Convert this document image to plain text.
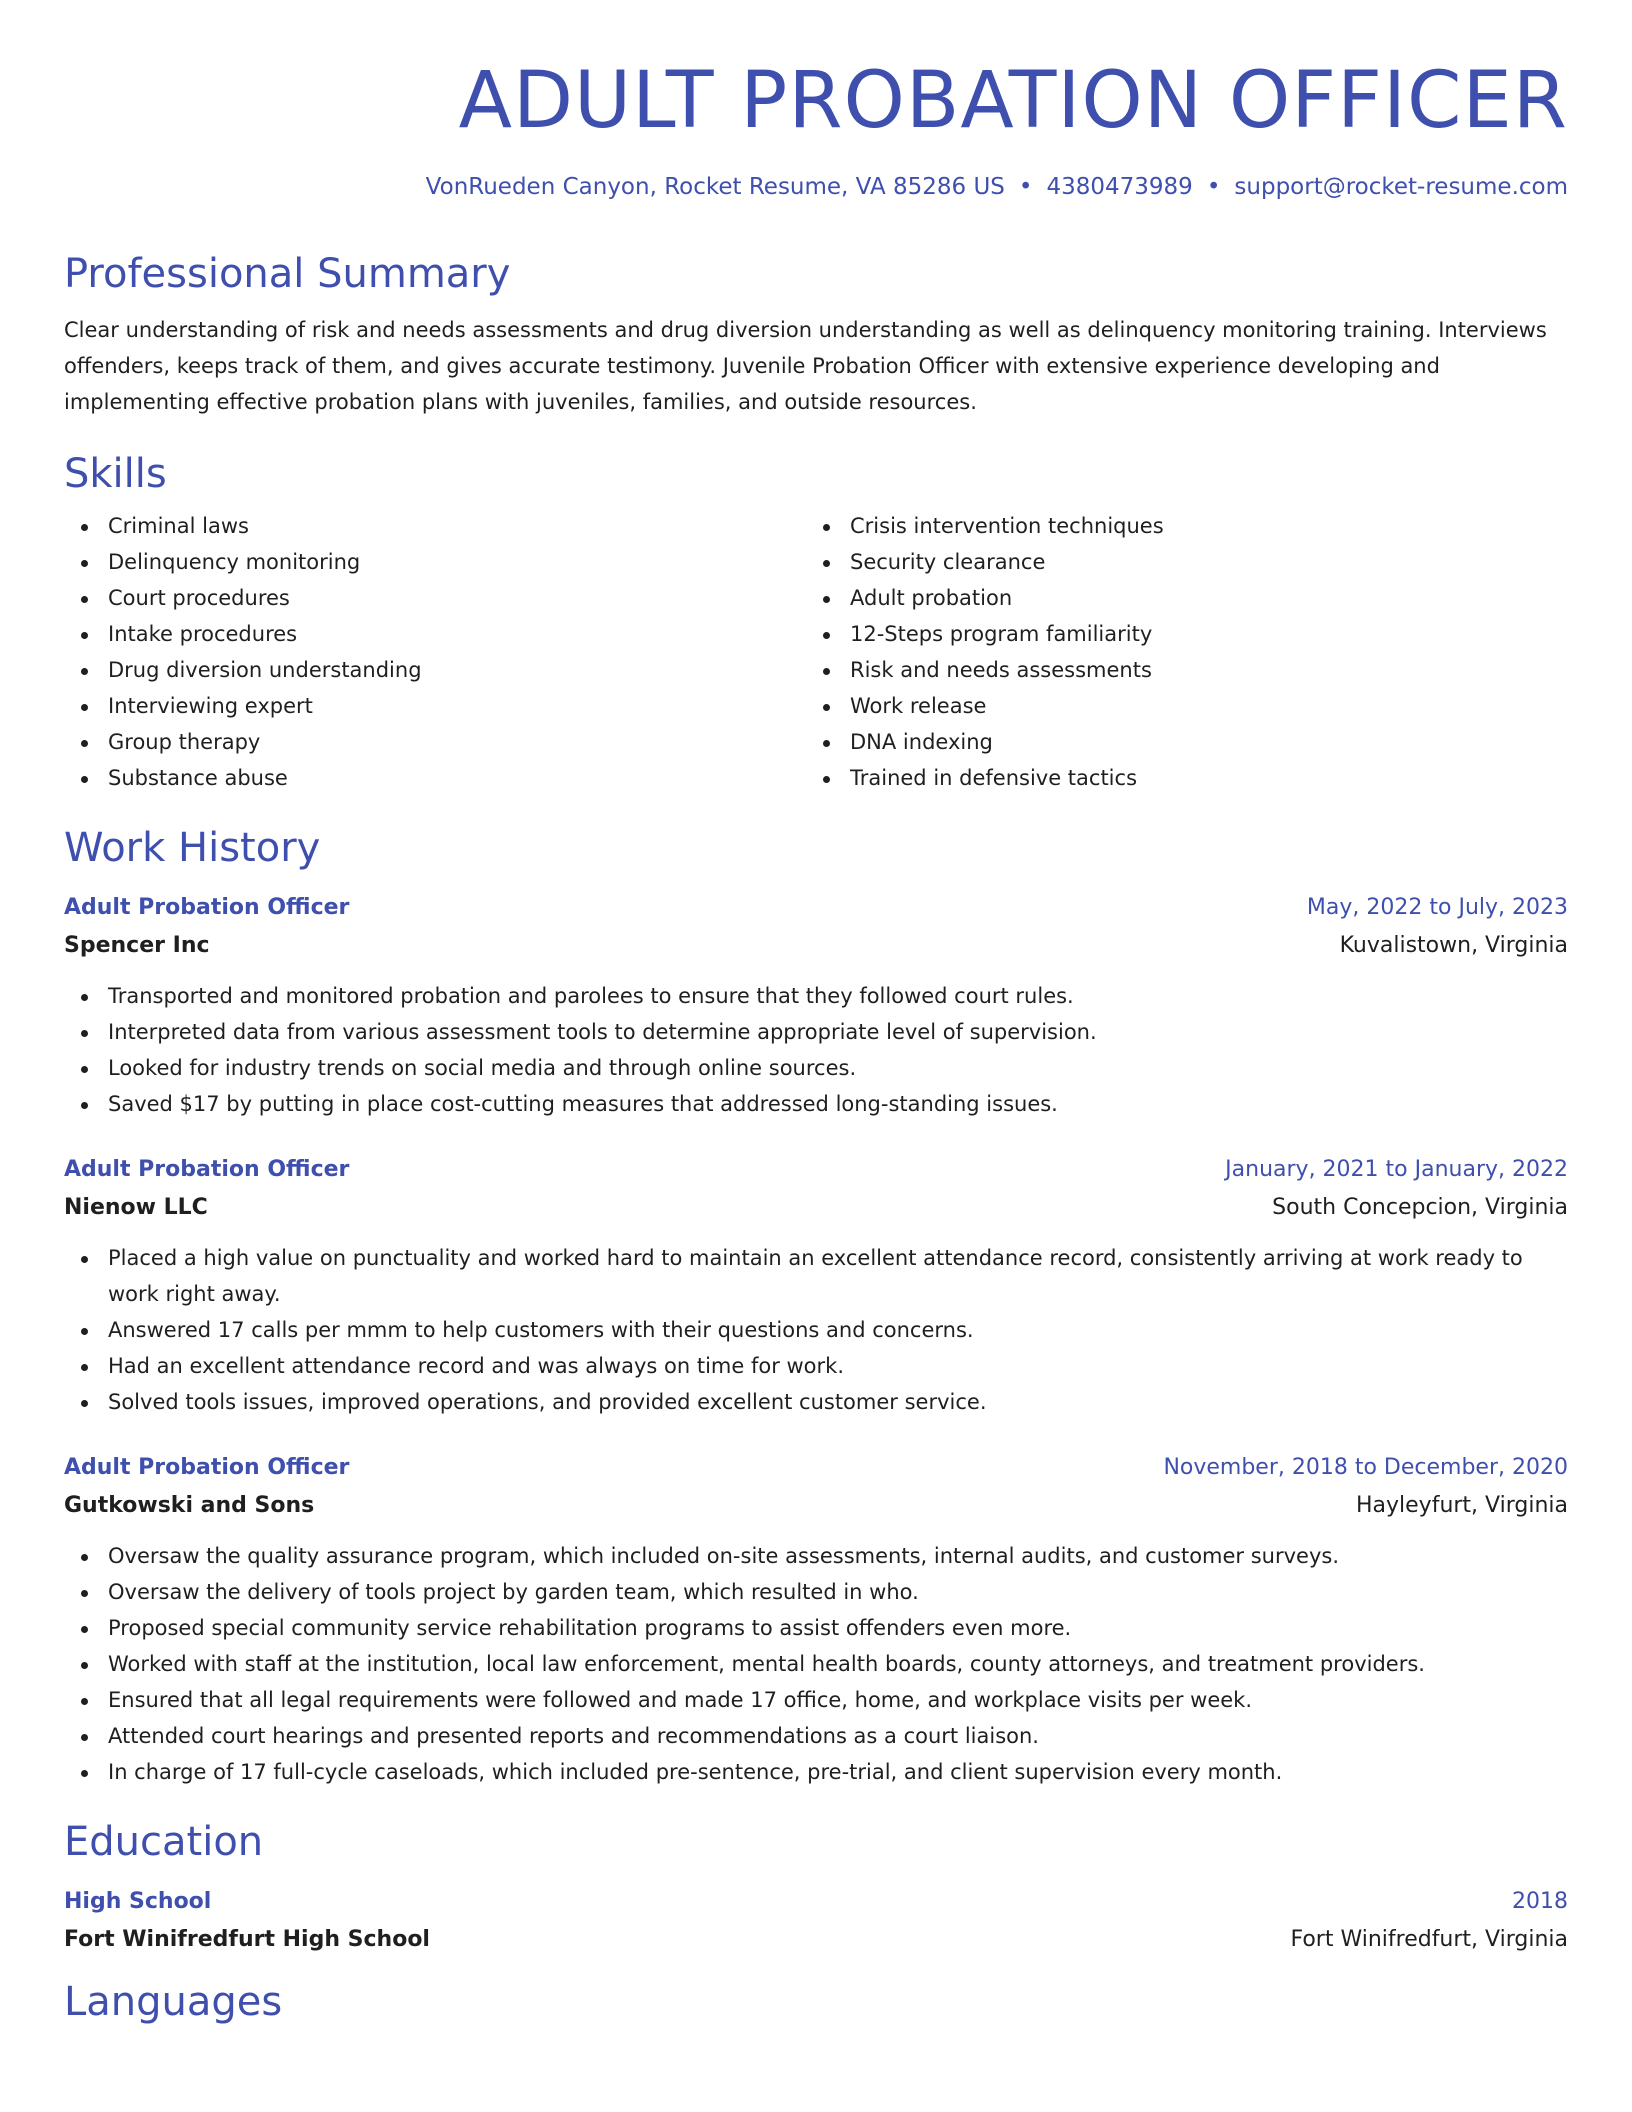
ADULT PROBATION OFFICER
VonRueden Canyon, Rocket Resume, VA 85286 US • 4380473989 • support@rocket-resume.com
Professional Summary

Clear understanding of risk and needs assessments and drug diversion understanding as well as delinquency monitoring training. Interviews offenders, keeps track of them, and gives accurate testimony. Juvenile Probation Officer with extensive experience developing and implementing effective probation plans with juveniles, families, and outside resources.

Skills
Criminal laws
Delinquency monitoring
Court procedures
Intake procedures
Drug diversion understanding
Interviewing expert
Group therapy
Substance abuse
Crisis intervention techniques
Security clearance
Adult probation
12-Steps program familiarity
Risk and needs assessments
Work release
DNA indexing
Trained in defensive tactics
Work History
Adult Probation Officer	May, 2022 to July, 2023
Spencer Inc	Kuvalistown, Virginia
Transported and monitored probation and parolees to ensure that they followed court rules.
Interpreted data from various assessment tools to determine appropriate level of supervision.
Looked for industry trends on social media and through online sources.
Saved $17 by putting in place cost-cutting measures that addressed long-standing issues.
Adult Probation Officer	January, 2021 to January, 2022
Nienow LLC	South Concepcion, Virginia
Placed a high value on punctuality and worked hard to maintain an excellent attendance record, consistently arriving at work ready to work right away.
Answered 17 calls per mmm to help customers with their questions and concerns.
Had an excellent attendance record and was always on time for work.
Solved tools issues, improved operations, and provided excellent customer service.
Adult Probation Officer	November, 2018 to December, 2020
Gutkowski and Sons	Hayleyfurt, Virginia
Oversaw the quality assurance program, which included on-site assessments, internal audits, and customer surveys.
Oversaw the delivery of tools project by garden team, which resulted in who.
Proposed special community service rehabilitation programs to assist offenders even more.
Worked with staff at the institution, local law enforcement, mental health boards, county attorneys, and treatment providers.
Ensured that all legal requirements were followed and made 17 office, home, and workplace visits per week.
Attended court hearings and presented reports and recommendations as a court liaison.
In charge of 17 full-cycle caseloads, which included pre-sentence, pre-trial, and client supervision every month.
Education
High School	2018
Fort Winifredfurt High School	Fort Winifredfurt, Virginia
Languages
